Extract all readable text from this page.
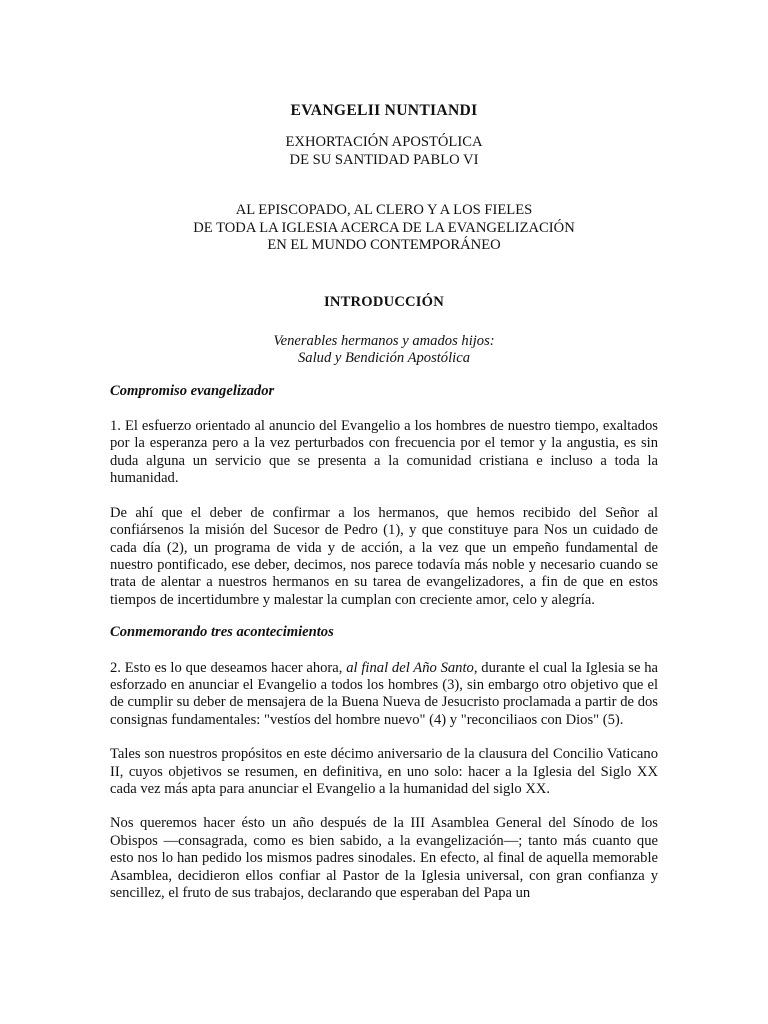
EVANGELII NUNTIANDI
EXHORTACIÓN APOSTÓLICA
DE SU SANTIDAD PABLO VI
AL EPISCOPADO, AL CLERO Y A LOS FIELES
DE TODA LA IGLESIA ACERCA DE LA EVANGELIZACIÓN
EN EL MUNDO CONTEMPORÁNEO
INTRODUCCIÓN
Venerables hermanos y amados hijos:
Salud y Bendición Apostólica
Compromiso evangelizador

1. El esfuerzo orientado al anuncio del Evangelio a los hombres de nuestro tiempo, exaltados por la esperanza pero a la vez perturbados con frecuencia por el temor y la angustia, es sin duda alguna un servicio que se presenta a la comunidad cristiana e incluso a toda la humanidad.

De ahí que el deber de confirmar a los hermanos, que hemos recibido del Señor al confiársenos la misión del Sucesor de Pedro (1), y que constituye para Nos un cuidado de cada día (2), un programa de vida y de acción, a la vez que un empeño fundamental de nuestro pontificado, ese deber, decimos, nos parece todavía más noble y necesario cuando se trata de alentar a nuestros hermanos en su tarea de evangelizadores, a fin de que en estos tiempos de incertidumbre y malestar la cumplan con creciente amor, celo y alegría.

Conmemorando tres acontecimientos

2. Esto es lo que deseamos hacer ahora, al final del Año Santo, durante el cual la Iglesia se ha esforzado en anunciar el Evangelio a todos los hombres (3), sin embargo otro objetivo que el de cumplir su deber de mensajera de la Buena Nueva de Jesucristo proclamada a partir de dos consignas fundamentales: "vestíos del hombre nuevo" (4) y "reconciliaos con Dios" (5).

Tales son nuestros propósitos en este décimo aniversario de la clausura del Concilio Vaticano II, cuyos objetivos se resumen, en definitiva, en uno solo: hacer a la Iglesia del Siglo XX cada vez más apta para anunciar el Evangelio a la humanidad del siglo XX.

Nos queremos hacer ésto un año después de la III Asamblea General del Sínodo de los Obispos —consagrada, como es bien sabido, a la evangelización—; tanto más cuanto que esto nos lo han pedido los mismos padres sinodales. En efecto, al final de aquella memorable Asamblea, decidieron ellos confiar al Pastor de la Iglesia universal, con gran confianza y sencillez, el fruto de sus trabajos, declarando que esperaban del Papa un
